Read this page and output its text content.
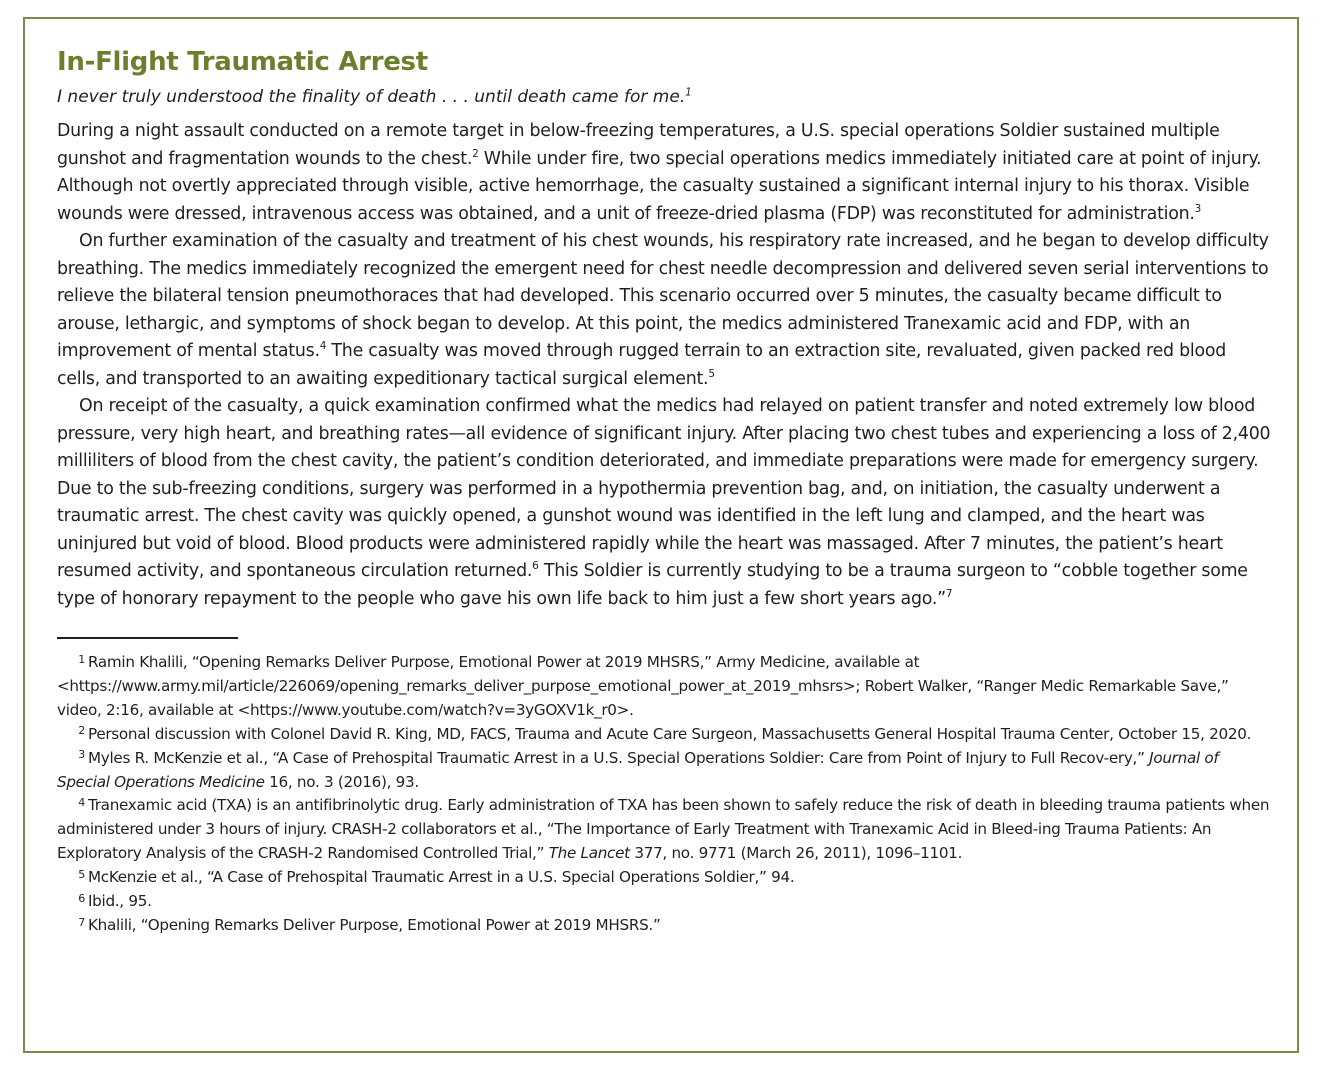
In-Flight Traumatic Arrest

I never truly understood the finality of death . . . until death came for me.$^1$

During a night assault conducted on a remote target in below-freezing temperatures, a U.S. special operations Soldier sustained multiple gunshot and fragmentation wounds to the chest.$^2$ While under fire, two special operations medics immediately initiated care at point of injury. Although not overtly appreciated through visible, active hemorrhage, the casualty sustained a significant internal injury to his thorax. Visible wounds were dressed, intravenous access was obtained, and a unit of freeze-dried plasma (FDP) was reconstituted for administration.$^3$

On further examination of the casualty and treatment of his chest wounds, his respiratory rate increased, and he began to develop difficulty breathing. The medics immediately recognized the emergent need for chest needle decompression and delivered seven serial interventions to relieve the bilateral tension pneumothoraces that had developed. This scenario occurred over 5 minutes, the casualty became difficult to arouse, lethargic, and symptoms of shock began to develop. At this point, the medics administered Tranexamic acid and FDP, with an improvement of mental status.$^4$ The casualty was moved through rugged terrain to an extraction site, revaluated, given packed red blood cells, and transported to an awaiting expeditionary tactical surgical element.$^5$

On receipt of the casualty, a quick examination confirmed what the medics had relayed on patient transfer and noted extremely low blood pressure, very high heart, and breathing rates—all evidence of significant injury. After placing two chest tubes and experiencing a loss of 2,400 milliliters of blood from the chest cavity, the patient’s condition deteriorated, and immediate preparations were made for emergency surgery. Due to the sub-freezing conditions, surgery was performed in a hypothermia prevention bag, and, on initiation, the casualty underwent a traumatic arrest. The chest cavity was quickly opened, a gunshot wound was identified in the left lung and clamped, and the heart was uninjured but void of blood. Blood products were administered rapidly while the heart was massaged. After 7 minutes, the patient’s heart resumed activity, and spontaneous circulation returned.$^6$ This Soldier is currently studying to be a trauma surgeon to “cobble together some type of honorary repayment to the people who gave his own life back to him just a few short years ago.”$^7$

1 Ramin Khalili, “Opening Remarks Deliver Purpose, Emotional Power at 2019 MHSRS,” Army Medicine, available at <https://www.army.mil/article/226069/opening_remarks_deliver_purpose_emotional_power_at_2019_mhsrs>; Robert Walker, “Ranger Medic Remarkable Save,” video, 2:16, available at <https://www.youtube.com/watch?v=3yGOXV1k_r0>.

2 Personal discussion with Colonel David R. King, MD, FACS, Trauma and Acute Care Surgeon, Massachusetts General Hospital Trauma Center, October 15, 2020.

3 Myles R. McKenzie et al., “A Case of Prehospital Traumatic Arrest in a U.S. Special Operations Soldier: Care from Point of Injury to Full Recov-ery,” Journal of Special Operations Medicine 16, no. 3 (2016), 93.

4 Tranexamic acid (TXA) is an antifibrinolytic drug. Early administration of TXA has been shown to safely reduce the risk of death in bleeding trauma patients when administered under 3 hours of injury. CRASH-2 collaborators et al., “The Importance of Early Treatment with Tranexamic Acid in Bleed-ing Trauma Patients: An Exploratory Analysis of the CRASH-2 Randomised Controlled Trial,” The Lancet 377, no. 9771 (March 26, 2011), 1096–1101.

5 McKenzie et al., “A Case of Prehospital Traumatic Arrest in a U.S. Special Operations Soldier,” 94.

6 Ibid., 95.

7 Khalili, “Opening Remarks Deliver Purpose, Emotional Power at 2019 MHSRS.”
